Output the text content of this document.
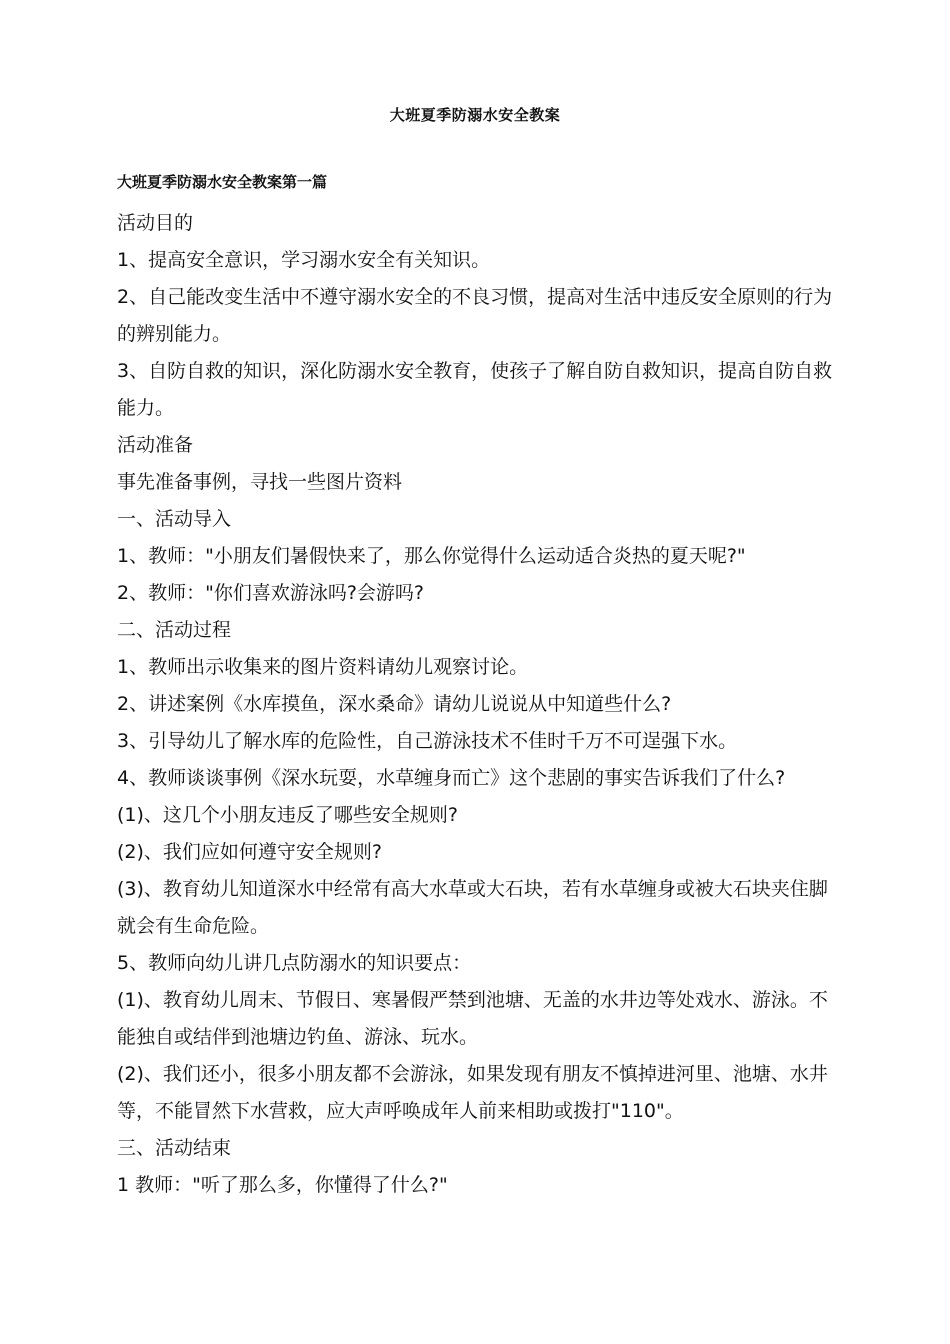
大班夏季防溺水安全教案
大班夏季防溺水安全教案第一篇

活动目的

1、提高安全意识，学习溺水安全有关知识。

2、自己能改变生活中不遵守溺水安全的不良习惯，提高对生活中违反安全原则的行为的辨别能力。

3、自防自救的知识，深化防溺水安全教育，使孩子了解自防自救知识，提高自防自救能力。

活动准备

事先准备事例，寻找一些图片资料

一、活动导入

1、教师："小朋友们暑假快来了，那么你觉得什么运动适合炎热的夏天呢?"

2、教师："你们喜欢游泳吗?会游吗?

二、活动过程

1、教师出示收集来的图片资料请幼儿观察讨论。

2、讲述案例《水库摸鱼，深水桑命》请幼儿说说从中知道些什么?

3、引导幼儿了解水库的危险性，自己游泳技术不佳时千万不可逞强下水。

4、教师谈谈事例《深水玩耍，水草缠身而亡》这个悲剧的事实告诉我们了什么?

(1)、这几个小朋友违反了哪些安全规则?

(2)、我们应如何遵守安全规则?

(3)、教育幼儿知道深水中经常有高大水草或大石块，若有水草缠身或被大石块夹住脚就会有生命危险。

5、教师向幼儿讲几点防溺水的知识要点：

(1)、教育幼儿周末、节假日、寒暑假严禁到池塘、无盖的水井边等处戏水、游泳。不能独自或结伴到池塘边钓鱼、游泳、玩水。

(2)、我们还小，很多小朋友都不会游泳，如果发现有朋友不慎掉进河里、池塘、水井等，不能冒然下水营救，应大声呼唤成年人前来相助或拨打"110"。

三、活动结束

1 教师："听了那么多，你懂得了什么?"
